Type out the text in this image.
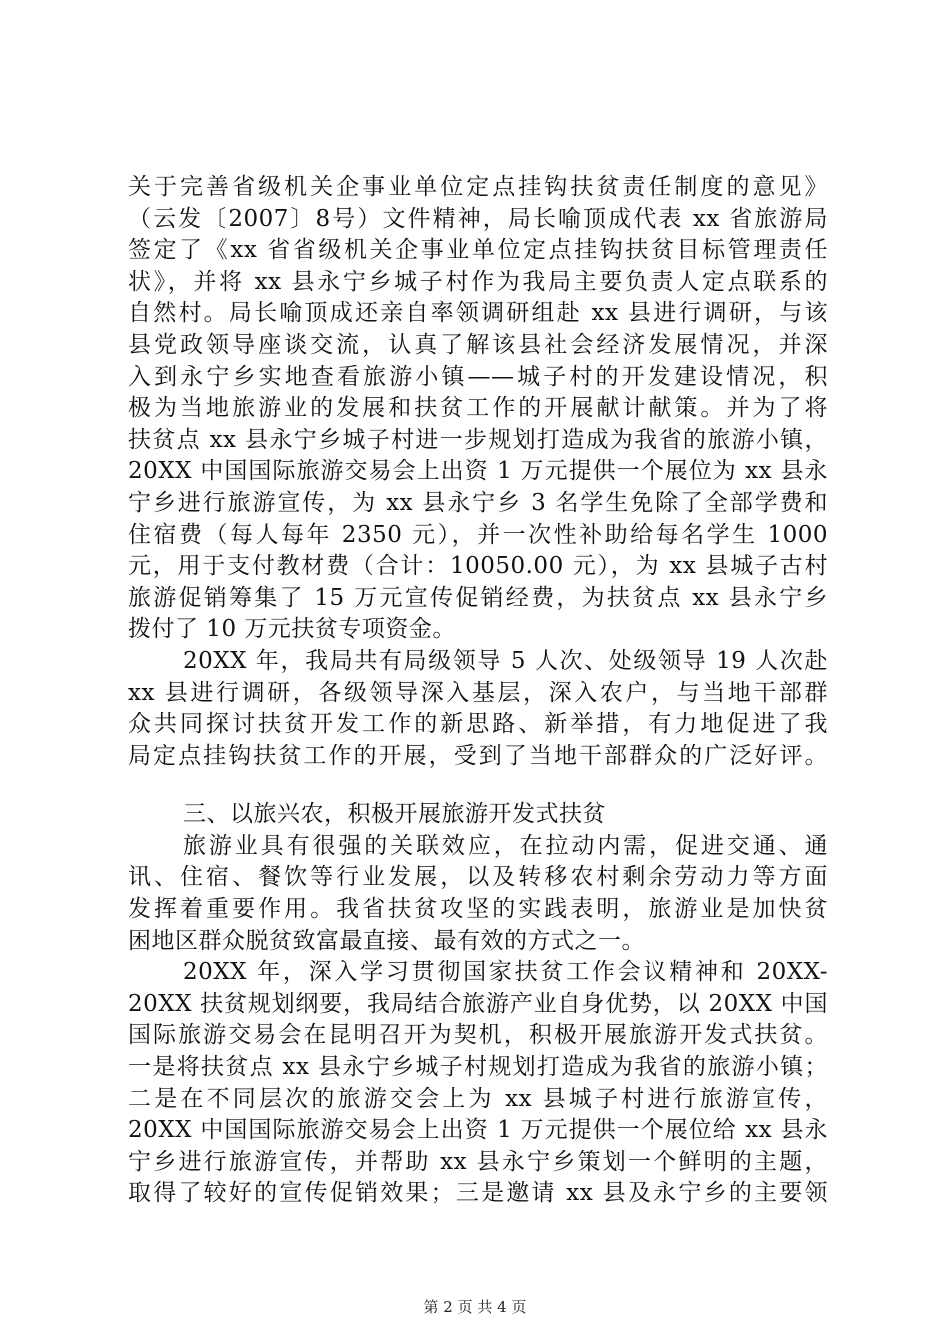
关于完善省级机关企事业单位定点挂钩扶贫责任制度的意见》
（云发〔2007〕8号）文件精神，局长喻顶成代表 xx 省旅游局
签定了《xx 省省级机关企事业单位定点挂钩扶贫目标管理责任
状》，并将 xx 县永宁乡城子村作为我局主要负责人定点联系的
自然村。局长喻顶成还亲自率领调研组赴 xx 县进行调研，与该
县党政领导座谈交流，认真了解该县社会经济发展情况，并深
入到永宁乡实地查看旅游小镇——城子村的开发建设情况，积
极为当地旅游业的发展和扶贫工作的开展献计献策。并为了将
扶贫点 xx 县永宁乡城子村进一步规划打造成为我省的旅游小镇，
20XX 中国国际旅游交易会上出资 1 万元提供一个展位为 xx 县永
宁乡进行旅游宣传，为 xx 县永宁乡 3 名学生免除了全部学费和
住宿费（每人每年 2350 元），并一次性补助给每名学生 1000
元，用于支付教材费（合计：10050.00 元），为 xx 县城子古村
旅游促销筹集了 15 万元宣传促销经费，为扶贫点 xx 县永宁乡
拨付了 10 万元扶贫专项资金。
20XX 年，我局共有局级领导 5 人次、处级领导 19 人次赴
xx 县进行调研，各级领导深入基层，深入农户，与当地干部群
众共同探讨扶贫开发工作的新思路、新举措，有力地促进了我
局定点挂钩扶贫工作的开展，受到了当地干部群众的广泛好评。
三、以旅兴农，积极开展旅游开发式扶贫
旅游业具有很强的关联效应，在拉动内需，促进交通、通
讯、住宿、餐饮等行业发展，以及转移农村剩余劳动力等方面
发挥着重要作用。我省扶贫攻坚的实践表明，旅游业是加快贫
困地区群众脱贫致富最直接、最有效的方式之一。
20XX 年，深入学习贯彻国家扶贫工作会议精神和 20XX-
20XX 扶贫规划纲要，我局结合旅游产业自身优势，以 20XX 中国
国际旅游交易会在昆明召开为契机，积极开展旅游开发式扶贫。
一是将扶贫点 xx 县永宁乡城子村规划打造成为我省的旅游小镇；
二是在不同层次的旅游交会上为 xx 县城子村进行旅游宣传，
20XX 中国国际旅游交易会上出资 1 万元提供一个展位给 xx 县永
宁乡进行旅游宣传，并帮助 xx 县永宁乡策划一个鲜明的主题，
取得了较好的宣传促销效果；三是邀请 xx 县及永宁乡的主要领
第 2 页 共 4 页
